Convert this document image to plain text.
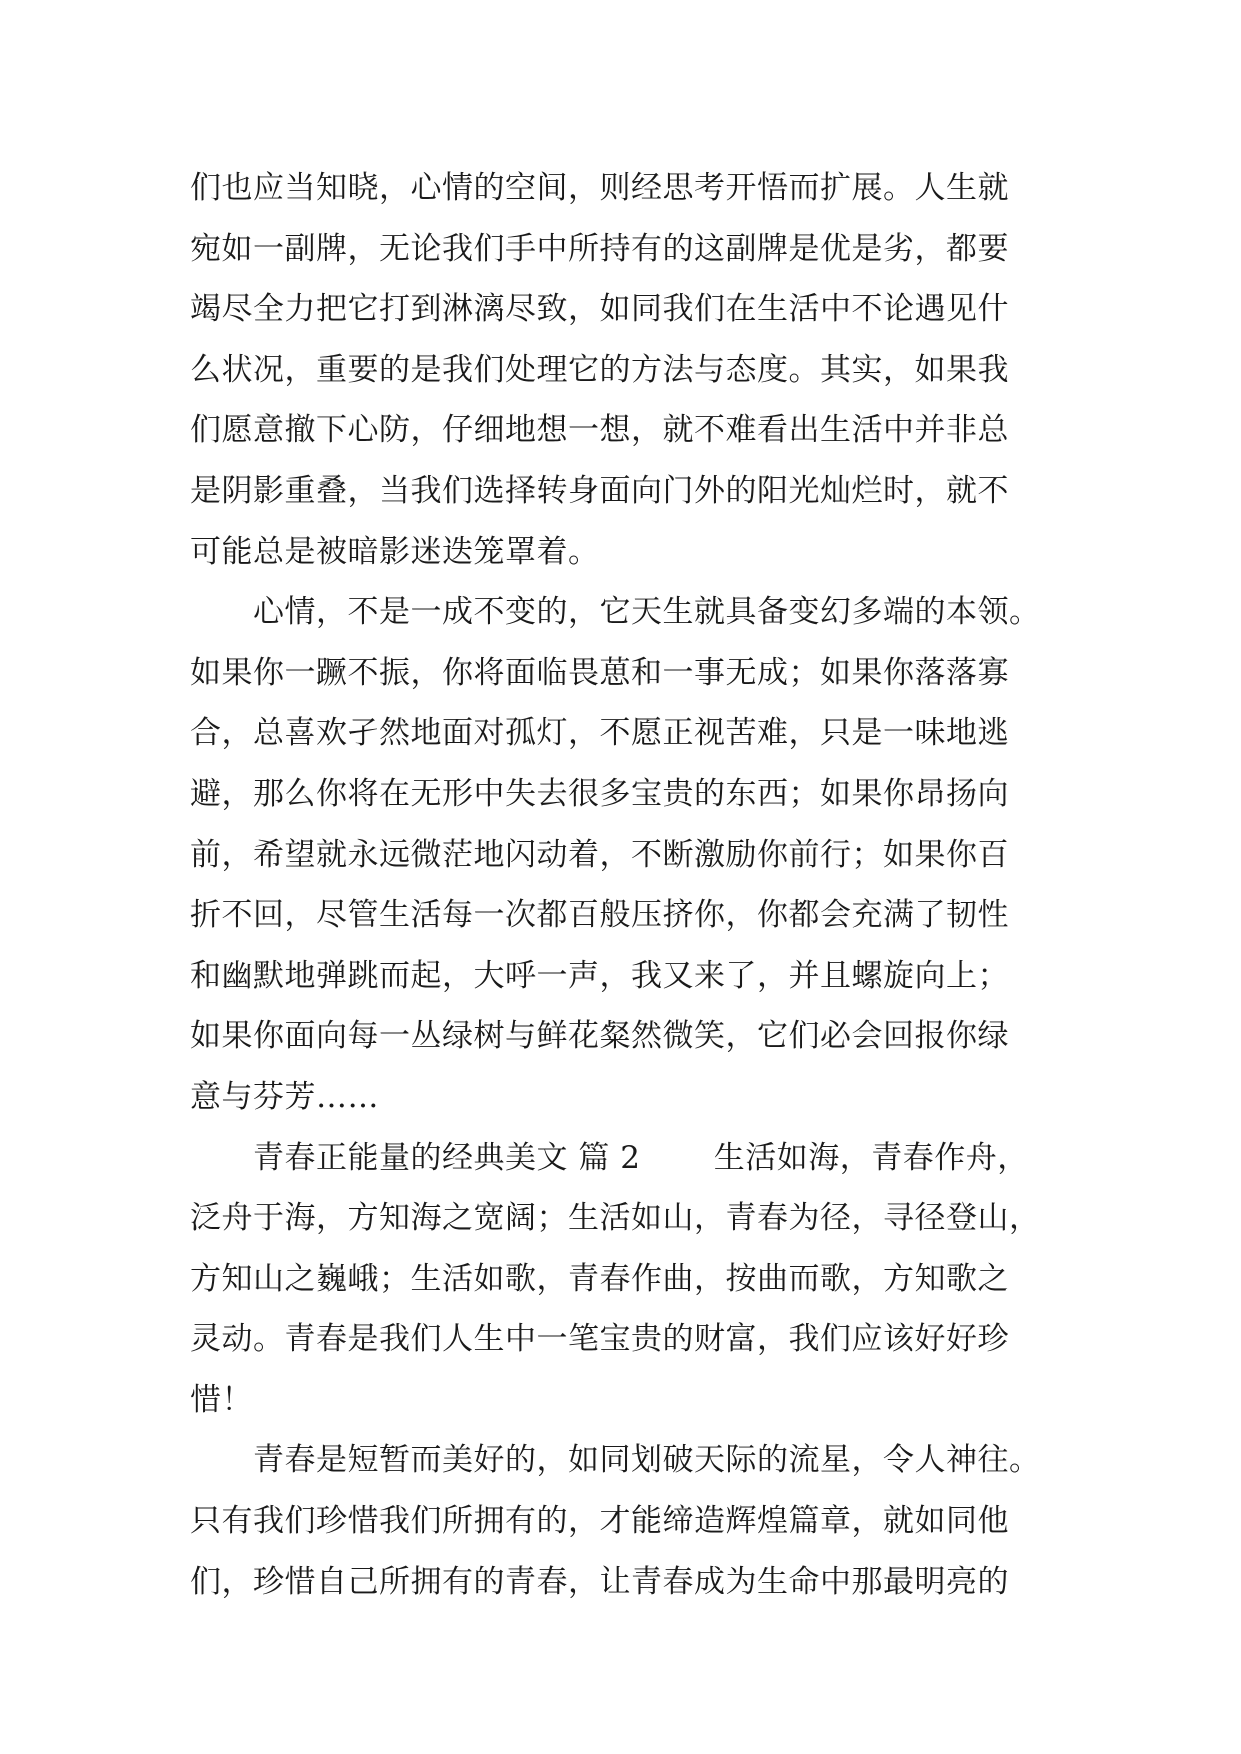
们也应当知晓，心情的空间，则经思考开悟而扩展。人生就
宛如一副牌，无论我们手中所持有的这副牌是优是劣，都要
竭尽全力把它打到淋漓尽致，如同我们在生活中不论遇见什
么状况，重要的是我们处理它的方法与态度。其实，如果我
们愿意撤下心防，仔细地想一想，就不难看出生活中并非总
是阴影重叠，当我们选择转身面向门外的阳光灿烂时，就不
可能总是被暗影迷迭笼罩着。
　　心情，不是一成不变的，它天生就具备变幻多端的本领。
如果你一蹶不振，你将面临畏葸和一事无成；如果你落落寡
合，总喜欢孑然地面对孤灯，不愿正视苦难，只是一味地逃
避，那么你将在无形中失去很多宝贵的东西；如果你昂扬向
前，希望就永远微茫地闪动着，不断激励你前行；如果你百
折不回，尽管生活每一次都百般压挤你，你都会充满了韧性
和幽默地弹跳而起，大呼一声，我又来了，并且螺旋向上；
如果你面向每一丛绿树与鲜花粲然微笑，它们必会回报你绿
意与芬芳……
　　青春正能量的经典美文 篇 2 　　生活如海，青春作舟，
泛舟于海，方知海之宽阔；生活如山，青春为径，寻径登山，
方知山之巍峨；生活如歌，青春作曲，按曲而歌，方知歌之
灵动。青春是我们人生中一笔宝贵的财富，我们应该好好珍
惜！
　　青春是短暂而美好的，如同划破天际的流星，令人神往。
只有我们珍惜我们所拥有的，才能缔造辉煌篇章，就如同他
们，珍惜自己所拥有的青春，让青春成为生命中那最明亮的
